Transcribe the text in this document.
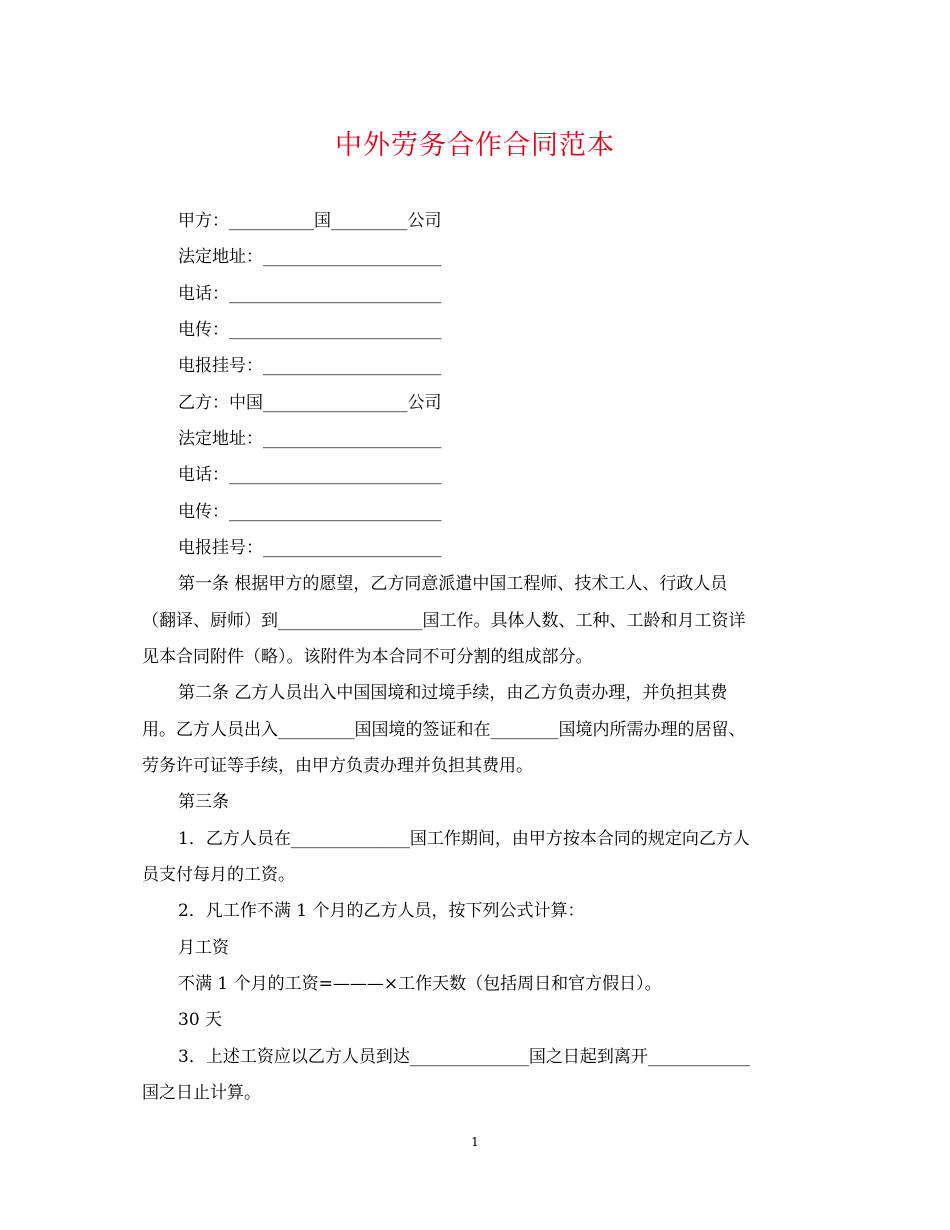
中外劳务合作合同范本
甲方：__________国_________公司
法定地址：_____________________
电话：_________________________
电传：_________________________
电报挂号：_____________________
乙方：中国_________________公司
法定地址：_____________________
电话：_________________________
电传：_________________________
电报挂号：_____________________
第一条 根据甲方的愿望，乙方同意派遣中国工程师、技术工人、行政人员
（翻译、厨师）到_________________国工作。具体人数、工种、工龄和月工资详
见本合同附件（略）。该附件为本合同不可分割的组成部分。
第二条 乙方人员出入中国国境和过境手续，由乙方负责办理，并负担其费
用。乙方人员出入_________国国境的签证和在________国境内所需办理的居留、
劳务许可证等手续，由甲方负责办理并负担其费用。
第三条
1．乙方人员在______________国工作期间，由甲方按本合同的规定向乙方人
员支付每月的工资。
2．凡工作不满 1 个月的乙方人员，按下列公式计算：
月工资
不满 1 个月的工资=———×工作天数（包括周日和官方假日）。
30 天
3．上述工资应以乙方人员到达______________国之日起到离开____________
国之日止计算。
1
